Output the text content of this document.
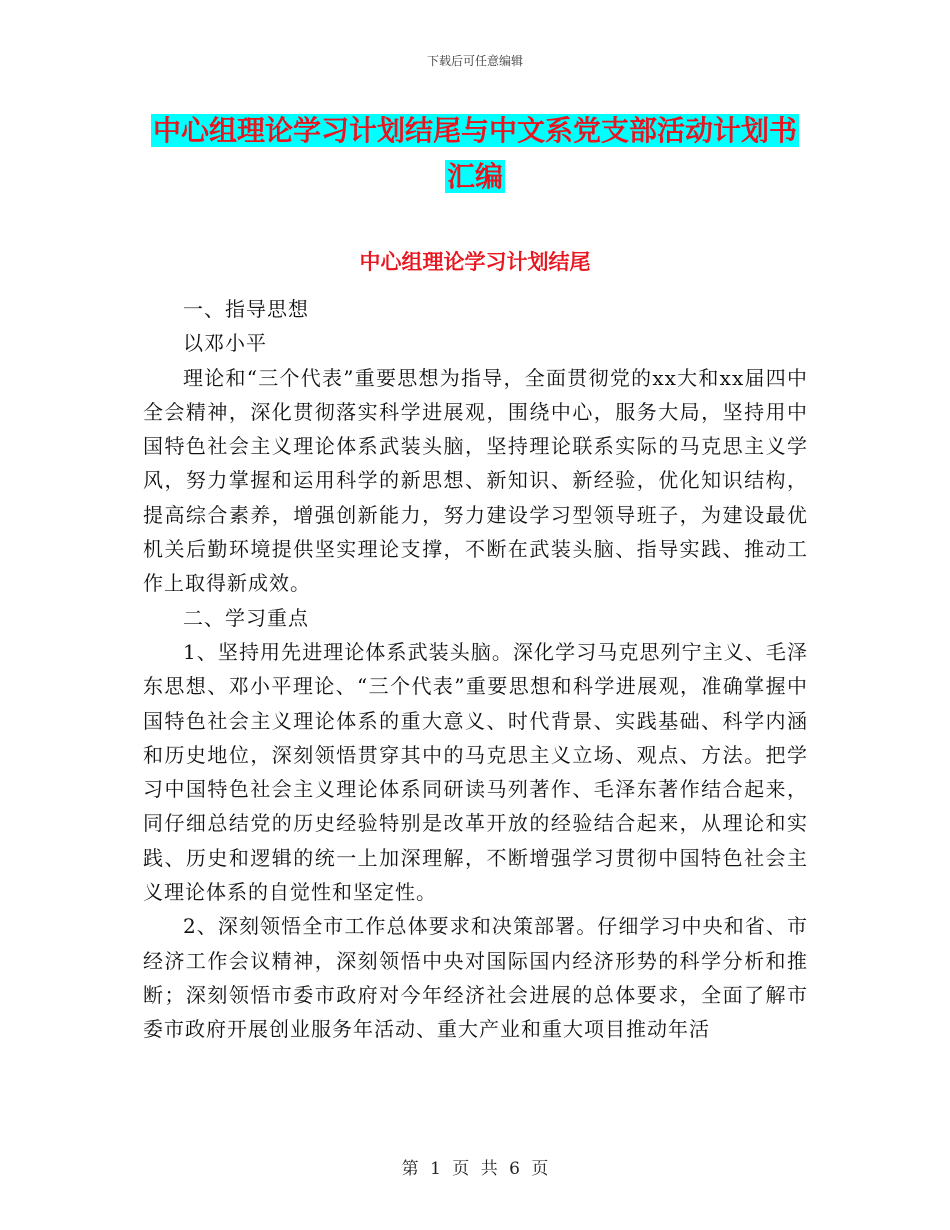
下载后可任意编辑
中心组理论学习计划结尾与中文系党支部活动计划书
汇编
中心组理论学习计划结尾

一、指导思想

以邓小平

理论和“三个代表”重要思想为指导，全面贯彻党的xx大和xx届四中全会精神，深化贯彻落实科学进展观，围绕中心，服务大局，坚持用中国特色社会主义理论体系武装头脑，坚持理论联系实际的马克思主义学风，努力掌握和运用科学的新思想、新知识、新经验，优化知识结构，提高综合素养，增强创新能力，努力建设学习型领导班子，为建设最优机关后勤环境提供坚实理论支撑，不断在武装头脑、指导实践、推动工作上取得新成效。

二、学习重点

1、坚持用先进理论体系武装头脑。深化学习马克思列宁主义、毛泽东思想、邓小平理论、“三个代表”重要思想和科学进展观，准确掌握中国特色社会主义理论体系的重大意义、时代背景、实践基础、科学内涵和历史地位，深刻领悟贯穿其中的马克思主义立场、观点、方法。把学习中国特色社会主义理论体系同研读马列著作、毛泽东著作结合起来，同仔细总结党的历史经验特别是改革开放的经验结合起来，从理论和实践、历史和逻辑的统一上加深理解，不断增强学习贯彻中国特色社会主义理论体系的自觉性和坚定性。

2、深刻领悟全市工作总体要求和决策部署。仔细学习中央和省、市经济工作会议精神，深刻领悟中央对国际国内经济形势的科学分析和推断；深刻领悟市委市政府对今年经济社会进展的总体要求，全面了解市委市政府开展创业服务年活动、重大产业和重大项目推动年活

第 1 页 共 6 页
